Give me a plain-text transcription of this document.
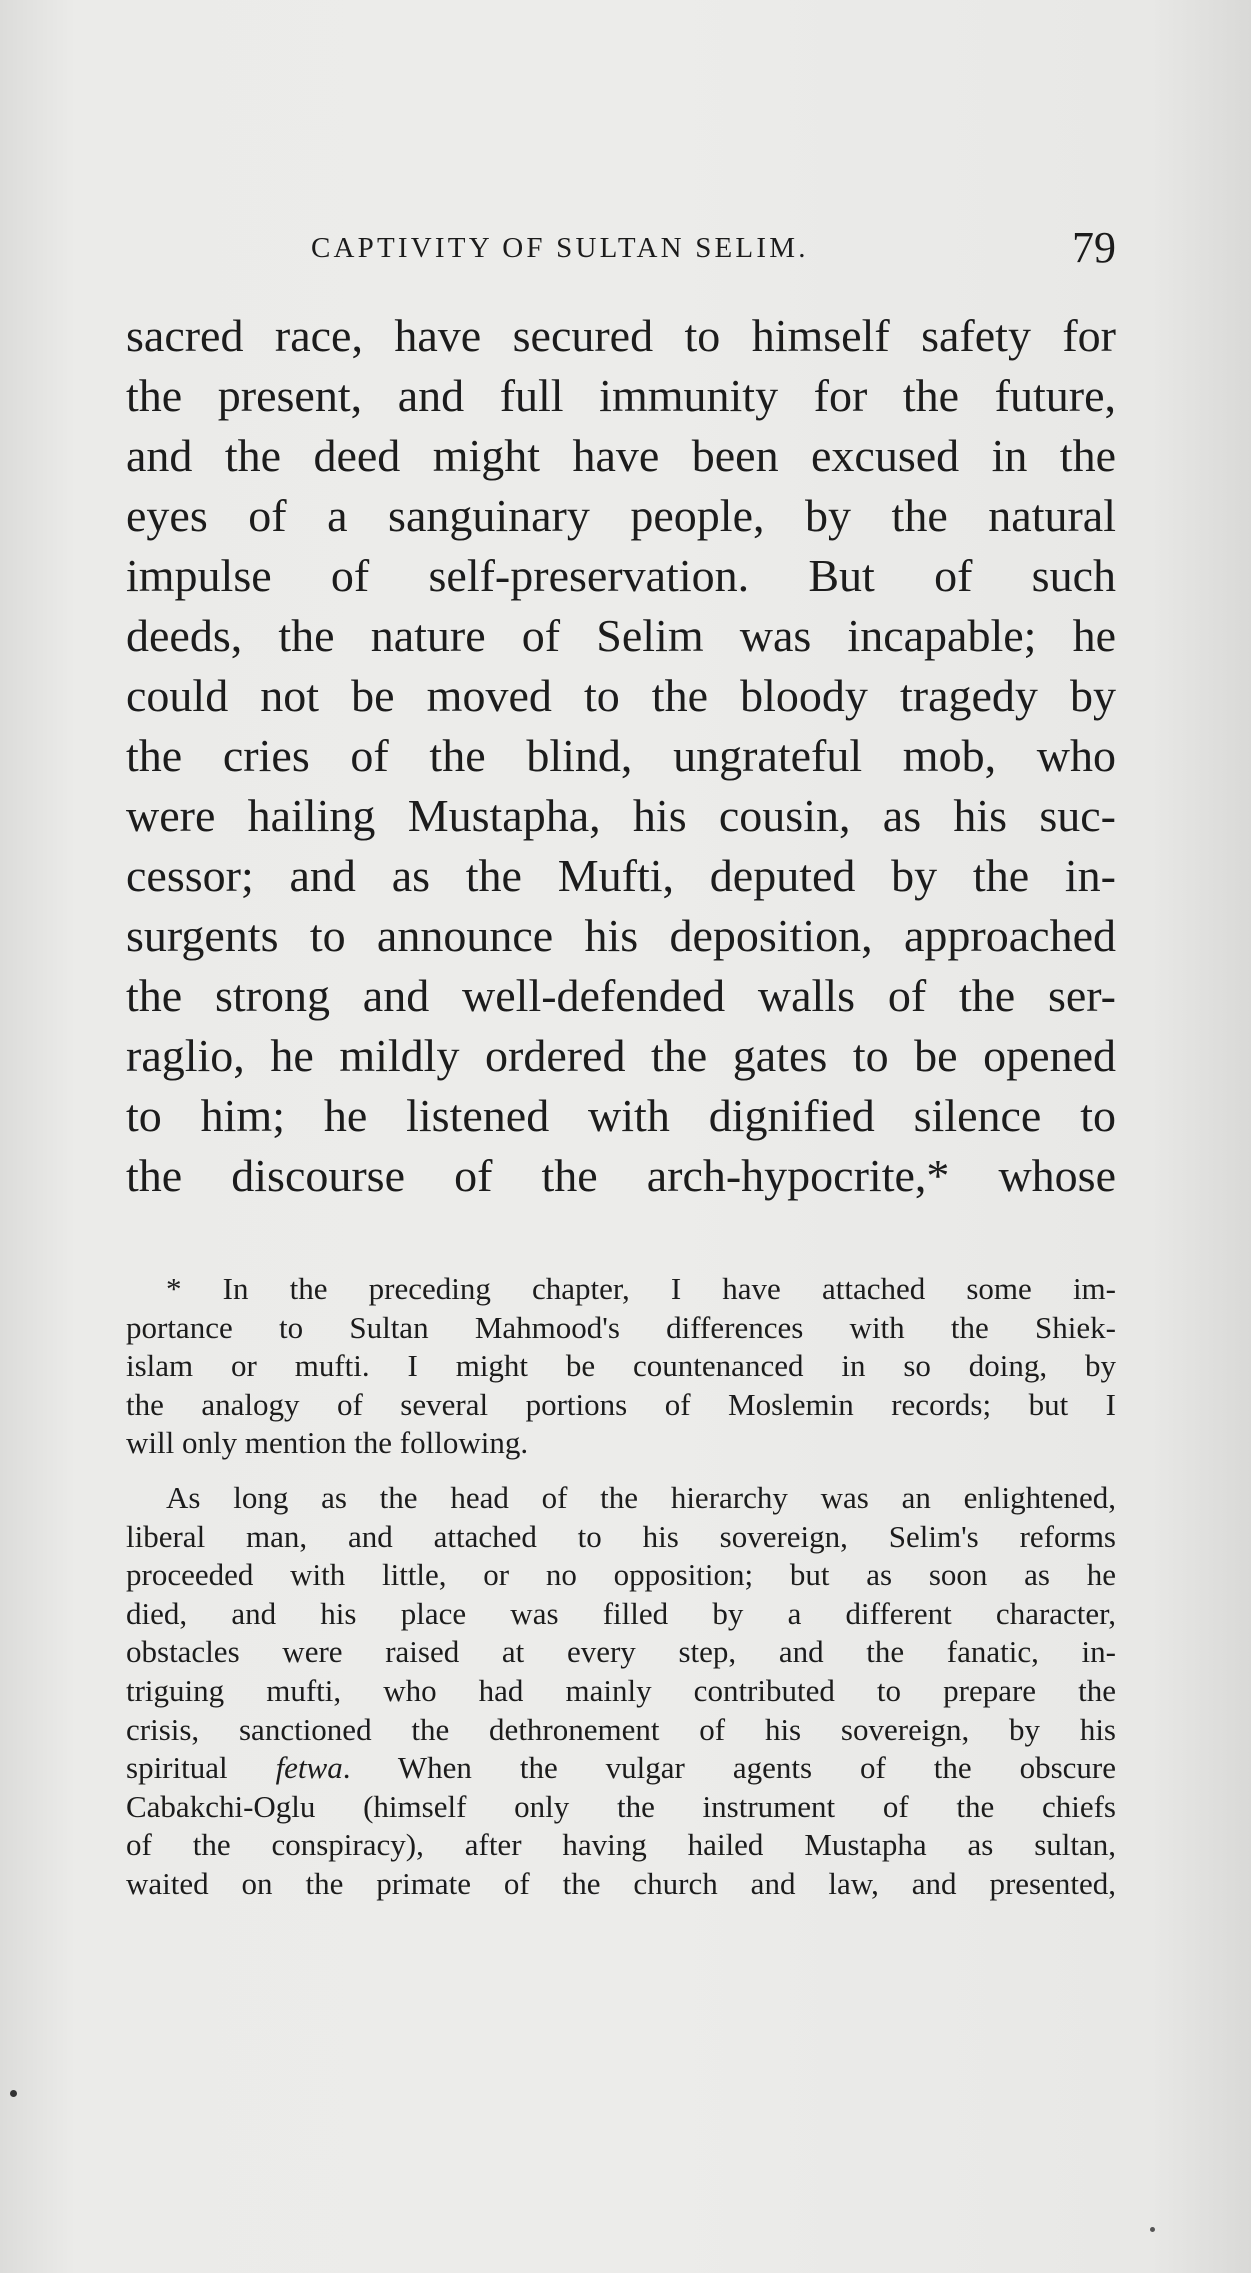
CAPTIVITY OF SULTAN SELIM.	79
sacred race, have secured to himself safety for
the present, and full immunity for the future,
and the deed might have been excused in the
eyes of a sanguinary people, by the natural
impulse of self-preservation. But of such
deeds, the nature of Selim was incapable; he
could not be moved to the bloody tragedy by
the cries of the blind, ungrateful mob, who
were hailing Mustapha, his cousin, as his suc-
cessor; and as the Mufti, deputed by the in-
surgents to announce his deposition, approached
the strong and well-defended walls of the ser-
raglio, he mildly ordered the gates to be opened
to him; he listened with dignified silence to
the discourse of the arch-hypocrite,* whose
* In the preceding chapter, I have attached some im-
portance to Sultan Mahmood's differences with the Shiek-
islam or mufti. I might be countenanced in so doing, by
the analogy of several portions of Moslemin records; but I
will only mention the following.
As long as the head of the hierarchy was an enlightened,
liberal man, and attached to his sovereign, Selim's reforms
proceeded with little, or no opposition; but as soon as he
died, and his place was filled by a different character,
obstacles were raised at every step, and the fanatic, in-
triguing mufti, who had mainly contributed to prepare the
crisis, sanctioned the dethronement of his sovereign, by his
spiritual fetwa. When the vulgar agents of the obscure
Cabakchi-Oglu (himself only the instrument of the chiefs
of the conspiracy), after having hailed Mustapha as sultan,
waited on the primate of the church and law, and presented,
